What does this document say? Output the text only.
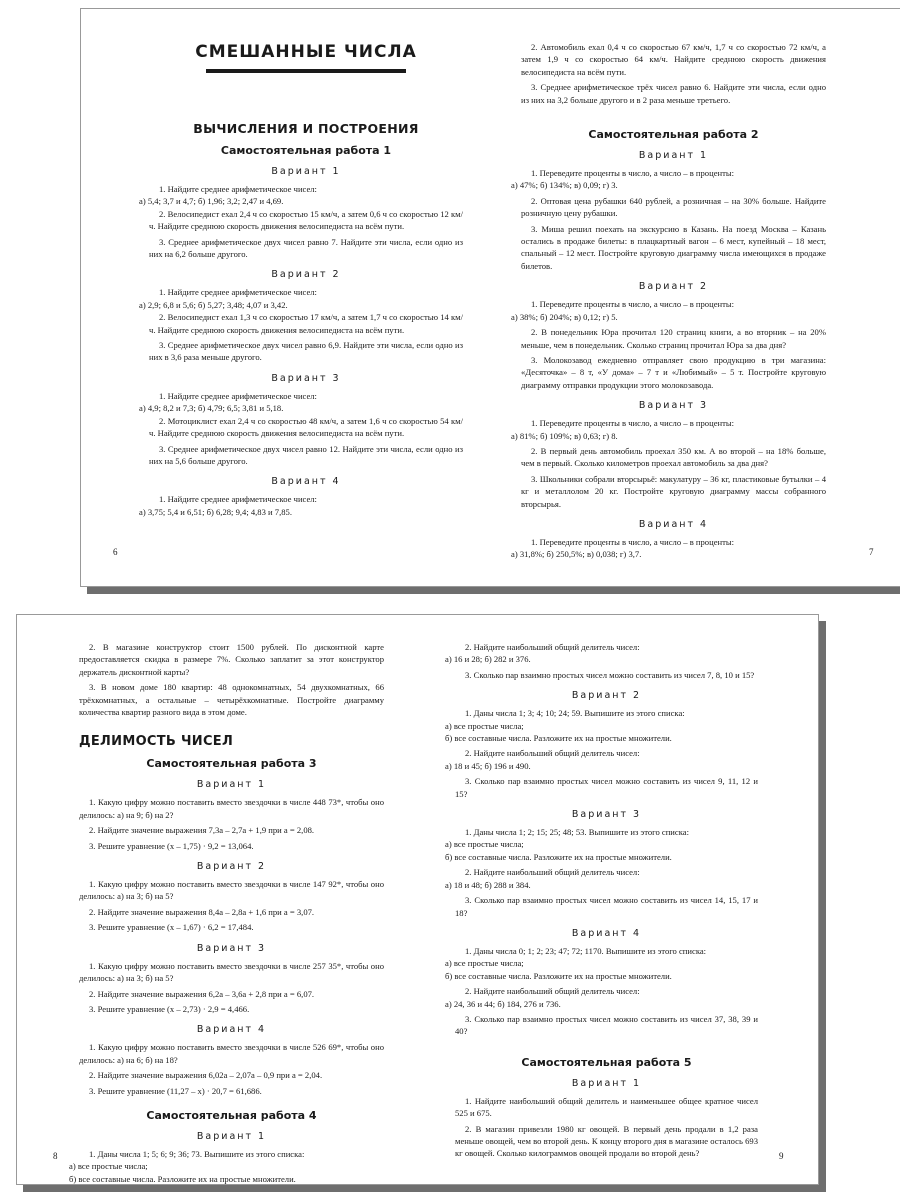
СМЕШАННЫЕ ЧИСЛА
ВЫЧИСЛЕНИЯ И ПОСТРОЕНИЯ
Самостоятельная работа 1
Вариант 1

1. Найдите среднее арифметическое чисел:
а) 5,4; 3,7 и 4,7; б) 1,96; 3,2; 2,47 и 4,69.

2. Велосипедист ехал 2,4 ч со скоростью 15 км/ч, а затем 0,6 ч со скоростью 12 км/ч. Найдите среднюю скорость движения велосипедиста на всём пути.

3. Среднее арифметическое двух чисел равно 7. Найдите эти числа, если одно из них на 6,2 больше другого.

Вариант 2

1. Найдите среднее арифметическое чисел:
а) 2,9; 6,8 и 5,6; б) 5,27; 3,48; 4,07 и 3,42.

2. Велосипедист ехал 1,3 ч со скоростью 17 км/ч, а затем 1,7 ч со скоростью 14 км/ч. Найдите среднюю скорость движения велосипедиста на всём пути.

3. Среднее арифметическое двух чисел равно 6,9. Найдите эти числа, если одно из них в 3,6 раза меньше другого.

Вариант 3

1. Найдите среднее арифметическое чисел:
а) 4,9; 8,2 и 7,3; б) 4,79; 6,5; 3,81 и 5,18.

2. Мотоциклист ехал 2,4 ч со скоростью 48 км/ч, а затем 1,6 ч со скоростью 54 км/ч. Найдите среднюю скорость движения велосипедиста на всём пути.

3. Среднее арифметическое двух чисел равно 12. Найдите эти числа, если одно из них на 5,6 больше другого.

Вариант 4

1. Найдите среднее арифметическое чисел:
а) 3,75; 5,4 и 6,51; б) 6,28; 9,4; 4,83 и 7,85.

6

2. Автомобиль ехал 0,4 ч со скоростью 67 км/ч, 1,7 ч со скоростью 72 км/ч, а затем 1,9 ч со скоростью 64 км/ч. Найдите среднюю скорость движения велосипедиста на всём пути.

3. Среднее арифметическое трёх чисел равно 6. Найдите эти числа, если одно из них на 3,2 больше другого и в 2 раза меньше третьего.

Самостоятельная работа 2
Вариант 1

1. Переведите проценты в число, а число – в проценты:
а) 47%; б) 134%; в) 0,09; г) 3.

2. Оптовая цена рубашки 640 рублей, а розничная – на 30% больше. Найдите розничную цену рубашки.

3. Миша решил поехать на экскурсию в Казань. На поезд Москва – Казань остались в продаже билеты: в плацкартный вагон – 6 мест, купейный – 18 мест, спальный – 12 мест. Постройте круговую диаграмму числа имеющихся в продаже билетов.

Вариант 2

1. Переведите проценты в число, а число – в проценты:
а) 38%; б) 204%; в) 0,12; г) 5.

2. В понедельник Юра прочитал 120 страниц книги, а во вторник – на 20% меньше, чем в понедельник. Сколько страниц прочитал Юра за два дня?

3. Молокозавод ежедневно отправляет свою продукцию в три магазина: «Десяточка» – 8 т, «У дома» – 7 т и «Любимый» – 5 т. Постройте круговую диаграмму отправки продукции этого молокозавода.

Вариант 3

1. Переведите проценты в число, а число – в проценты:
а) 81%; б) 109%; в) 0,63; г) 8.

2. В первый день автомобиль проехал 350 км. А во второй – на 18% больше, чем в первый. Сколько километров проехал автомобиль за два дня?

3. Школьники собрали вторсырьё: макулатуру – 36 кг, пластиковые бутылки – 4 кг и металлолом 20 кг. Постройте круговую диаграмму массы собранного вторсырья.

Вариант 4

1. Переведите проценты в число, а число – в проценты:
а) 31,8%; б) 250,5%; в) 0,038; г) 3,7.	7

2. В магазине конструктор стоит 1500 рублей. По дисконтной карте предоставляется скидка в размере 7%. Сколько заплатит за этот конструктор держатель дисконтной карты?

3. В новом доме 180 квартир: 48 однокомнатных, 54 двухкомнатных, 66 трёхкомнатных, а остальные – четырёхкомнатные. Постройте диаграмму количества квартир разного вида в этом доме.

ДЕЛИМОСТЬ ЧИСЕЛ
Самостоятельная работа 3
Вариант 1

1. Какую цифру можно поставить вместо звездочки в числе 448 73*, чтобы оно делилось: а) на 9; б) на 2?

2. Найдите значение выражения 7,3a – 2,7a + 1,9 при a = 2,08.

3. Решите уравнение (x – 1,75) · 9,2 = 13,064.

Вариант 2

1. Какую цифру можно поставить вместо звездочки в числе 147 92*, чтобы оно делилось: а) на 3; б) на 5?

2. Найдите значение выражения 8,4a – 2,8a + 1,6 при a = 3,07.

3. Решите уравнение (x – 1,67) · 6,2 = 17,484.

Вариант 3

1. Какую цифру можно поставить вместо звездочки в числе 257 35*, чтобы оно делилось: а) на 3; б) на 5?

2. Найдите значение выражения 6,2a – 3,6a + 2,8 при a = 6,07.

3. Решите уравнение (x – 2,73) · 2,9 = 4,466.

Вариант 4

1. Какую цифру можно поставить вместо звездочки в числе 526 69*, чтобы оно делилось: а) на 6; б) на 18?

2. Найдите значение выражения 6,02a – 2,07a – 0,9 при a = 2,04.

3. Решите уравнение (11,27 – x) · 20,7 = 61,686.

Самостоятельная работа 4
Вариант 1

1. Даны числа 1; 5; 6; 9; 36; 73. Выпишите из этого списка:
а) все простые числа;
б) все составные числа. Разложите их на простые множители.

8

2. Найдите наибольший общий делитель чисел:
а) 16 и 28; б) 282 и 376.

3. Сколько пар взаимно простых чисел можно составить из чисел 7, 8, 10 и 15?

Вариант 2

1. Даны числа 1; 3; 4; 10; 24; 59. Выпишите из этого списка:
а) все простые числа;
б) все составные числа. Разложите их на простые множители.

2. Найдите наибольший общий делитель чисел:
а) 18 и 45; б) 196 и 490.

3. Сколько пар взаимно простых чисел можно составить из чисел 9, 11, 12 и 15?

Вариант 3

1. Даны числа 1; 2; 15; 25; 48; 53. Выпишите из этого списка:
а) все простые числа;
б) все составные числа. Разложите их на простые множители.

2. Найдите наибольший общий делитель чисел:
а) 18 и 48; б) 288 и 384.

3. Сколько пар взаимно простых чисел можно составить из чисел 14, 15, 17 и 18?

Вариант 4

1. Даны числа 0; 1; 2; 23; 47; 72; 1170. Выпишите из этого списка:
а) все простые числа;
б) все составные числа. Разложите их на простые множители.

2. Найдите наибольший общий делитель чисел:
а) 24, 36 и 44; б) 184, 276 и 736.

3. Сколько пар взаимно простых чисел можно составить из чисел 37, 38, 39 и 40?

Самостоятельная работа 5
Вариант 1

1. Найдите наибольший общий делитель и наименьшее общее кратное чисел 525 и 675.

2. В магазин привезли 1980 кг овощей. В первый день продали в 1,2 раза меньше овощей, чем во второй день. К концу второго дня в магазине осталось 693 кг овощей. Сколько килограммов овощей продали во второй день?	9
